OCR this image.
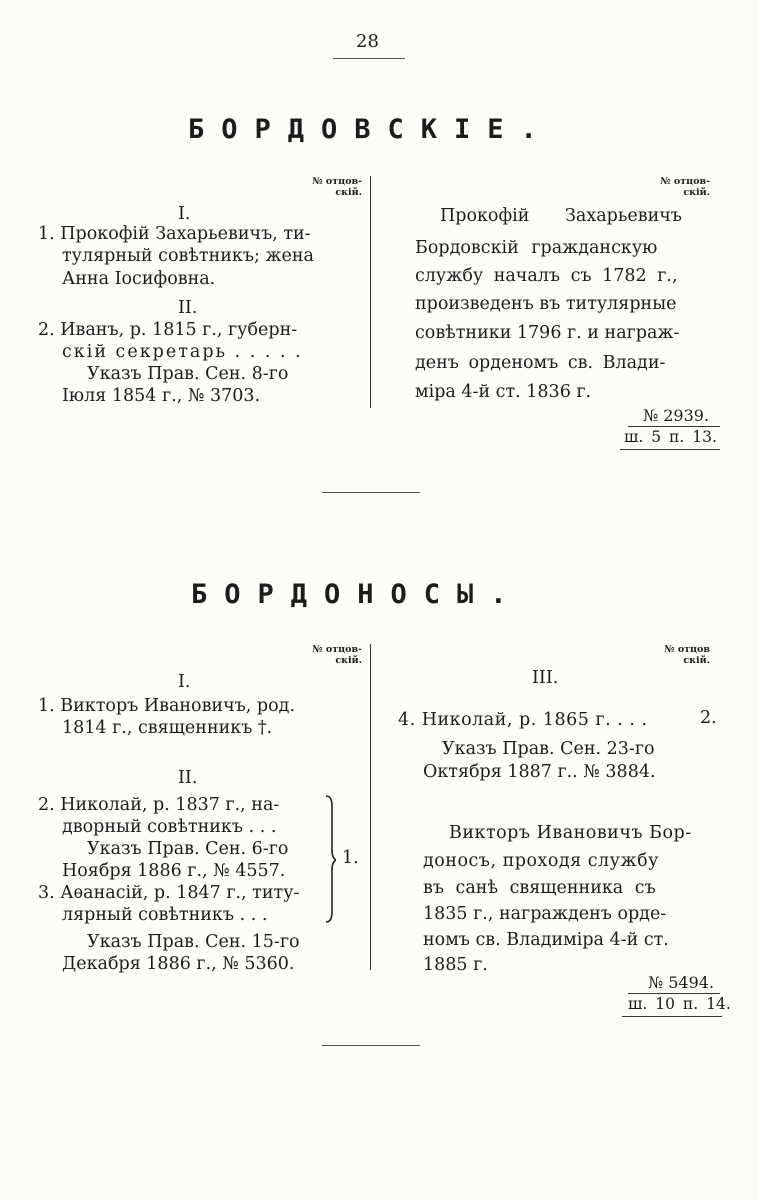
28
БОРДОВСКІЕ.
№ отцов-
скій.
№ отцов-
скій.
I.
1. Прокофій Захарьевичъ, ти-
тулярный совѣтникъ; жена
Анна Іосифовна.
II.
2. Иванъ, р. 1815 г., губерн-
скій секретарь . . . . .
Указъ Прав. Сен. 8-го
Іюля 1854 г., № 3703.
Прокофій Захарьевичъ
Бордовскій гражданскую
службу началъ съ 1782 г.,
произведенъ въ титулярные
совѣтники 1796 г. и награж-
денъ орденомъ св. Влади-
міра 4-й ст. 1836 г.
№ 2939.
ш. 5 п. 13.
БОРДОНОСЫ.
№ отцов-
скій.
№ отцов
скій.
I.
1. Викторъ Ивановичъ, род.
1814 г., священникъ †.
II.
2. Николай, р. 1837 г., на-
дворный совѣтникъ . . .
Указъ Прав. Сен. 6-го
Ноября 1886 г., № 4557.
3. Аѳанасій, р. 1847 г., титу-
лярный совѣтникъ . . .
1.
Указъ Прав. Сен. 15-го
Декабря 1886 г., № 5360.
III.
4. Николай, р. 1865 г. . . .	2.
Указъ Прав. Сен. 23-го
Октября 1887 г.. № 3884.
Викторъ Ивановичъ Бор-
доносъ, проходя службу
въ санѣ священника съ
1835 г., награжденъ орде-
номъ св. Владиміра 4-й ст.
1885 г.
№ 5494.
ш. 10 п. 14.
